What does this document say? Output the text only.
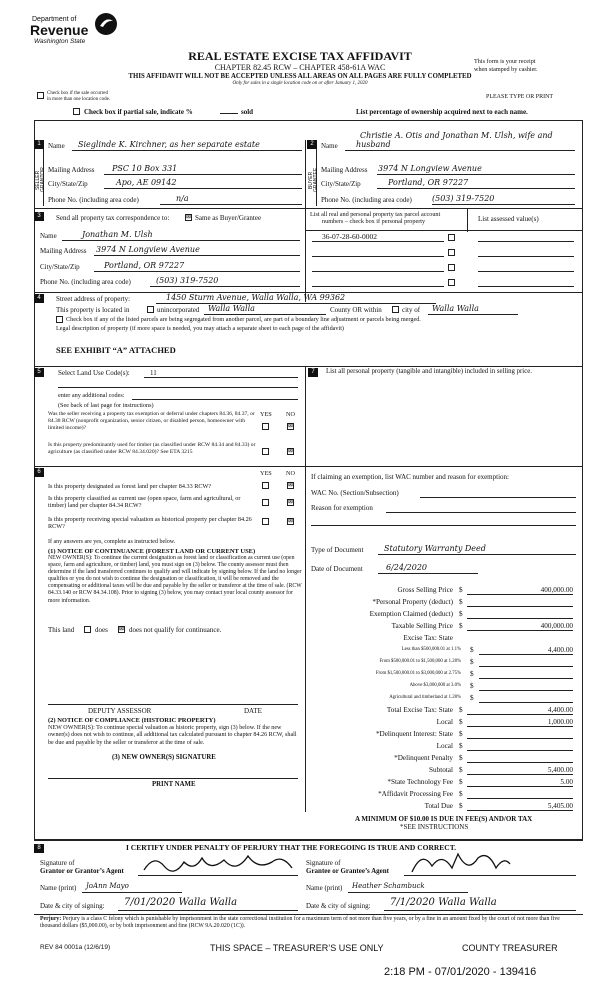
Department of
Revenue
Washington State
REAL ESTATE EXCISE TAX AFFIDAVIT
CHAPTER 82.45 RCW – CHAPTER 458-61A WAC
THIS AFFIDAVIT WILL NOT BE ACCEPTED UNLESS ALL AREAS ON ALL PAGES ARE FULLY COMPLETED
Only for sales in a single location code on or after January 1, 2020
This form is your receipt
when stamped by cashier.
Check box if the sale occurred
in more than one location code.	PLEASE TYPE OR PRINT
Check box if partial sale, indicate %	sold	List percentage of ownership acquired next to each name.
1
SELLER GRANTOR
Name Sieglinde K. Kirchner, as her separate estate
Mailing Address PSC 10 Box 331
City/State/Zip	Apo, AE 09142
Phone No. (including area code)	n/a
2
BUYER GRANTEE
Christie A. Otis and Jonathan M. Ulsh, wife and
Name husband
Mailing Address 3974 N Longview Avenue
City/State/Zip	Portland, OR 97227
Phone No. (including area code)	(503) 319-7520
3	Send all property tax correspondence to:	⊠ Same as Buyer/Grantee
Name	Jonathan M. Ulsh
Mailing Address 3974 N Longview Avenue
City/State/Zip	Portland, OR 97227
Phone No. (including area code)	(503) 319-7520
List all real and personal property tax parcel account
numbers – check box if personal property	List assessed value(s)
36-07-28-60-0002
4	Street address of property:	1450 Sturm Avenue, Walla Walla, WA 99362
This property is located in	unincorporated Walla Walla	County OR within	city of Walla Walla
Check box if any of the listed parcels are being segregated from another parcel, are part of a boundary line adjustment or parcels being merged.
Legal description of property (if more space is needed, you may attach a separate sheet to each page of the affidavit)
SEE EXHIBIT “A” ATTACHED
5	Select Land Use Code(s):	11
enter any additional codes:
(See back of last page for instructions)
YES NO
Was the seller receiving a property tax exemption or deferral under chapters 84.36, 84.37, or 84.38 RCW (nonprofit organization, senior citizen, or disabled person, homeowner with limited income)?	⊠
Is this property predominantly used for timber (as classified under RCW 84.34 and 84.33) or agriculture (as classified under RCW 84.34.020)? See ETA 3215	⊠
6	YES NO
Is this property designated as forest land per chapter 84.33 RCW?	⊠
Is this property classified as current use (open space, farm and agricultural, or timber) land per chapter 84.34 RCW?
⊠
Is this property receiving special valuation as historical property per chapter 84.26 RCW?
⊠
If any answers are yes, complete as instructed below.
(1) NOTICE OF CONTINUANCE (FOREST LAND OR CURRENT USE)
NEW OWNER(S): To continue the current designation as forest land or classification as current use (open space, farm and agriculture, or timber) land, you must sign on (3) below. The county assessor must then determine if the land transferred continues to qualify and will indicate by signing below. If the land no longer qualifies or you do not wish to continue the designation or classification, it will be removed and the compensating or additional taxes will be due and payable by the seller or transferor at the time of sale. (RCW 84.33.140 or RCW 84.34.108). Prior to signing (3) below, you may contact your local county assessor for more information.
This land	does ⊠ does not qualify for continuance.
DEPUTY ASSESSOR	DATE
(2) NOTICE OF COMPLIANCE (HISTORIC PROPERTY)
NEW OWNER(S): To continue special valuation as historic property, sign (3) below. If the new owner(s) does not wish to continue, all additional tax calculated pursuant to chapter 84.26 RCW, shall be due and payable by the seller or transferor at the time of sale.
(3) NEW OWNER(S) SIGNATURE
PRINT NAME
7	List all personal property (tangible and intangible) included in selling price.
If claiming an exemption, list WAC number and reason for exemption:
WAC No. (Section/Subsection)
Reason for exemption
Type of Document	Statutory Warranty Deed
Date of Document	6/24/2020
Gross Selling Price $	400,000.00
*Personal Property (deduct) $
Exemption Claimed (deduct) $
Taxable Selling Price $	400,000.00
Excise Tax: State
Less than $500,000.01 at 1.1% $	4,400.00
From $500,000.01 to $1,500,000 at 1.28% $
From $1,500,000.01 to $3,000,000 at 2.75% $
Above $3,000,000 at 3.0% $
Agricultural and timberland at 1.28% $
Total Excise Tax: State $	4,400.00
Local $	1,000.00
*Delinquent Interest: State $
Local $
*Delinquent Penalty $
Subtotal $	5,400.00
*State Technology Fee $	5.00
*Affidavit Processing Fee $
Total Due $	5,405.00
A MINIMUM OF $10.00 IS DUE IN FEE(S) AND/OR TAX
*SEE INSTRUCTIONS
8	I CERTIFY UNDER PENALTY OF PERJURY THAT THE FOREGOING IS TRUE AND CORRECT.
Signature of
Grantor or Grantor’s Agent
Name (print) JoAnn Mayo
Date & city of signing: 7/01/2020 Walla Walla
Signature of
Grantee or Grantee’s Agent
Name (print) Heather Schambuck
Date & city of signing: 7/1/2020 Walla Walla
Perjury: Perjury is a class C felony which is punishable by imprisonment in the state correctional institution for a maximum term of not more than five years, or by a fine in an amount fixed by the court of not more than five thousand dollars ($5,000.00), or by both imprisonment and fine (RCW 9A.20.020 (1C)).
REV 84 0001a (12/6/19)	THIS SPACE – TREASURER’S USE ONLY	COUNTY TREASURER
2:18 PM - 07/01/2020 - 139416
